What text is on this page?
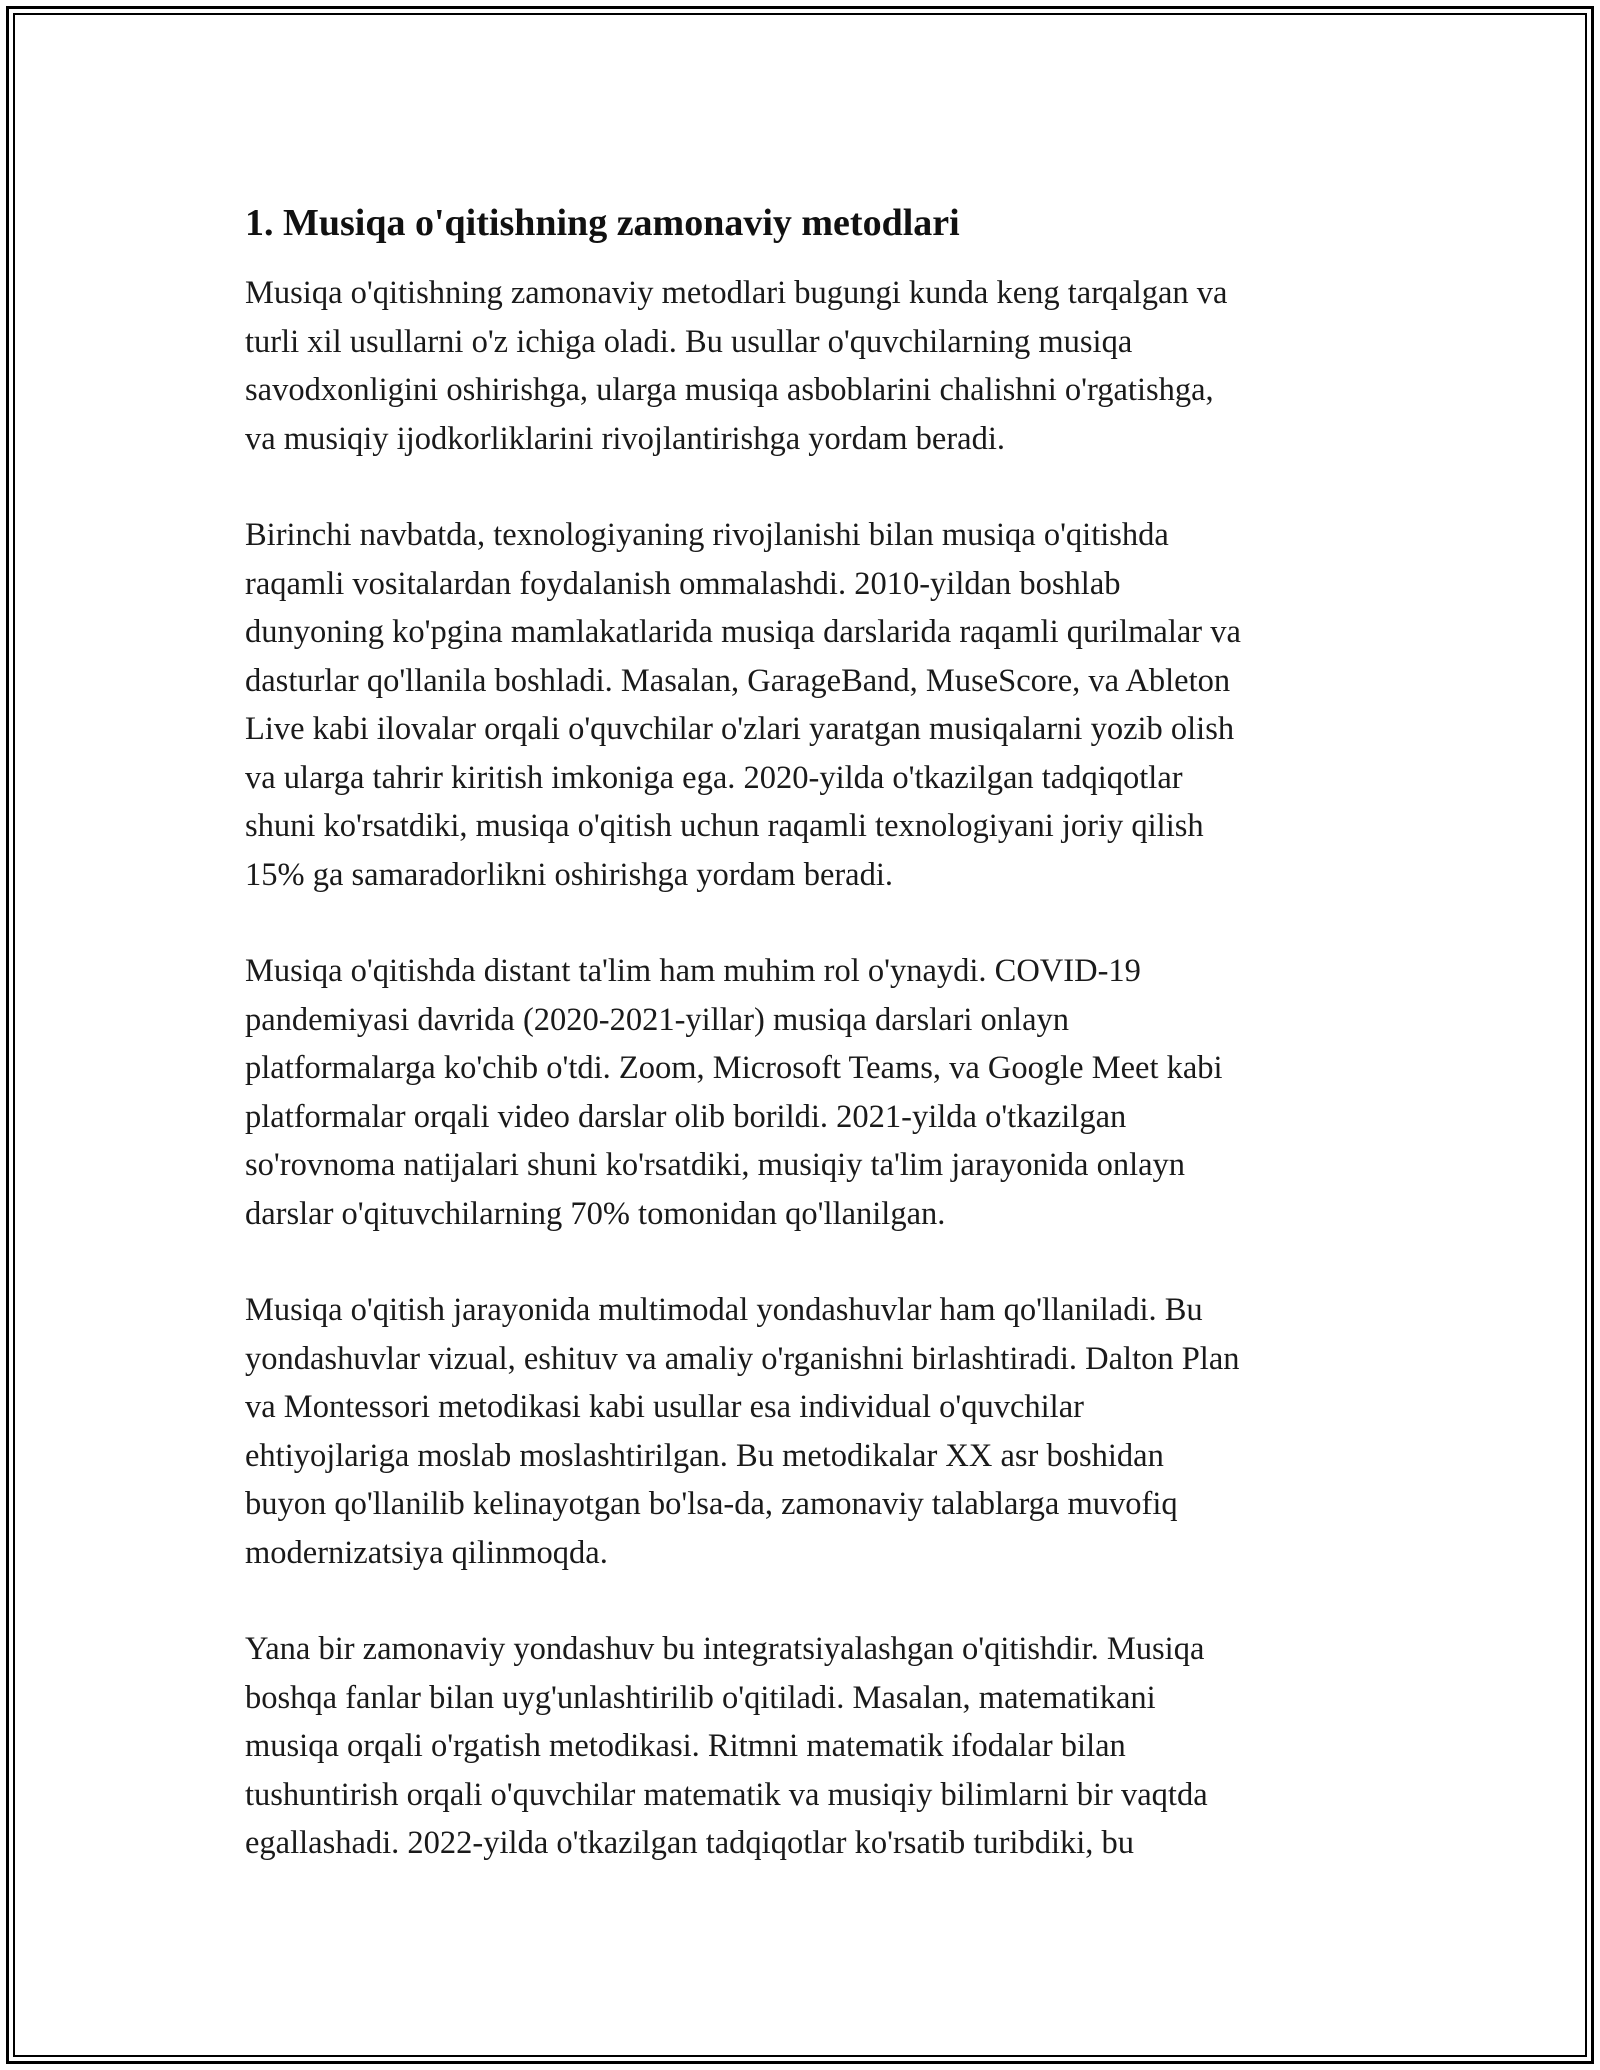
1. Musiqa o'qitishning zamonaviy metodlari

Musiqa o'qitishning zamonaviy metodlari bugungi kunda keng tarqalgan va
turli xil usullarni o'z ichiga oladi. Bu usullar o'quvchilarning musiqa
savodxonligini oshirishga, ularga musiqa asboblarini chalishni o'rgatishga,
va musiqiy ijodkorliklarini rivojlantirishga yordam beradi.

Birinchi navbatda, texnologiyaning rivojlanishi bilan musiqa o'qitishda
raqamli vositalardan foydalanish ommalashdi. 2010-yildan boshlab
dunyoning ko'pgina mamlakatlarida musiqa darslarida raqamli qurilmalar va
dasturlar qo'llanila boshladi. Masalan, GarageBand, MuseScore, va Ableton
Live kabi ilovalar orqali o'quvchilar o'zlari yaratgan musiqalarni yozib olish
va ularga tahrir kiritish imkoniga ega. 2020-yilda o'tkazilgan tadqiqotlar
shuni ko'rsatdiki, musiqa o'qitish uchun raqamli texnologiyani joriy qilish
15% ga samaradorlikni oshirishga yordam beradi.

Musiqa o'qitishda distant ta'lim ham muhim rol o'ynaydi. COVID-19
pandemiyasi davrida (2020-2021-yillar) musiqa darslari onlayn
platformalarga ko'chib o'tdi. Zoom, Microsoft Teams, va Google Meet kabi
platformalar orqali video darslar olib borildi. 2021-yilda o'tkazilgan
so'rovnoma natijalari shuni ko'rsatdiki, musiqiy ta'lim jarayonida onlayn
darslar o'qituvchilarning 70% tomonidan qo'llanilgan.

Musiqa o'qitish jarayonida multimodal yondashuvlar ham qo'llaniladi. Bu
yondashuvlar vizual, eshituv va amaliy o'rganishni birlashtiradi. Dalton Plan
va Montessori metodikasi kabi usullar esa individual o'quvchilar
ehtiyojlariga moslab moslashtirilgan. Bu metodikalar XX asr boshidan
buyon qo'llanilib kelinayotgan bo'lsa-da, zamonaviy talablarga muvofiq
modernizatsiya qilinmoqda.

Yana bir zamonaviy yondashuv bu integratsiyalashgan o'qitishdir. Musiqa
boshqa fanlar bilan uyg'unlashtirilib o'qitiladi. Masalan, matematikani
musiqa orqali o'rgatish metodikasi. Ritmni matematik ifodalar bilan
tushuntirish orqali o'quvchilar matematik va musiqiy bilimlarni bir vaqtda
egallashadi. 2022-yilda o'tkazilgan tadqiqotlar ko'rsatib turibdiki, bu
